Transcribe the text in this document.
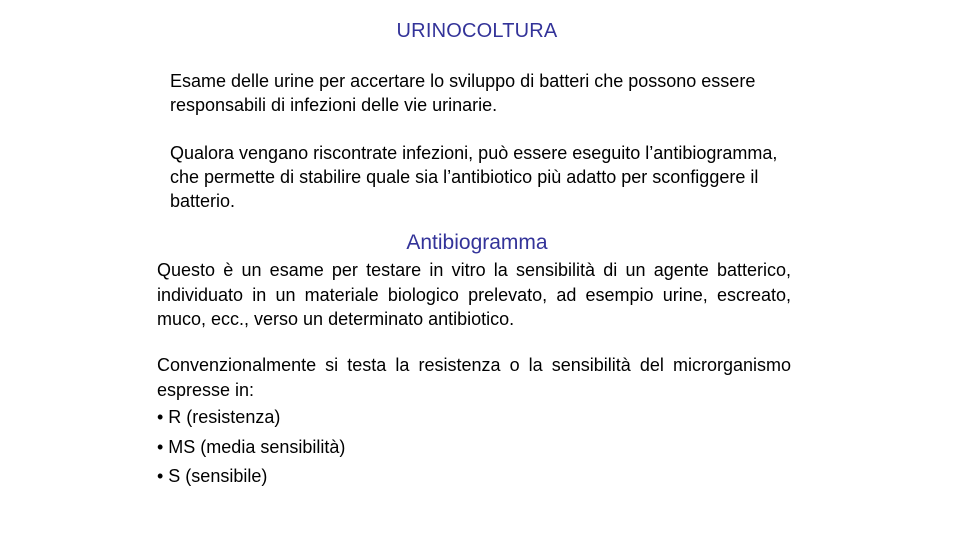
URINOCOLTURA

Esame delle urine per accertare lo sviluppo di batteri che possono essere responsabili di infezioni delle vie urinarie.

Qualora vengano riscontrate infezioni, può essere eseguito l’antibiogramma, che permette di stabilire quale sia l’antibiotico più adatto per sconfiggere il batterio.

Antibiogramma

Questo è un esame per testare in vitro la sensibilità di un agente batterico, individuato in un materiale biologico prelevato, ad esempio urine, escreato, muco, ecc., verso un determinato antibiotico.

Convenzionalmente si testa la resistenza o la sensibilità del microrganismo espresse in:

• R (resistenza)
• MS (media sensibilità)
• S (sensibile)
